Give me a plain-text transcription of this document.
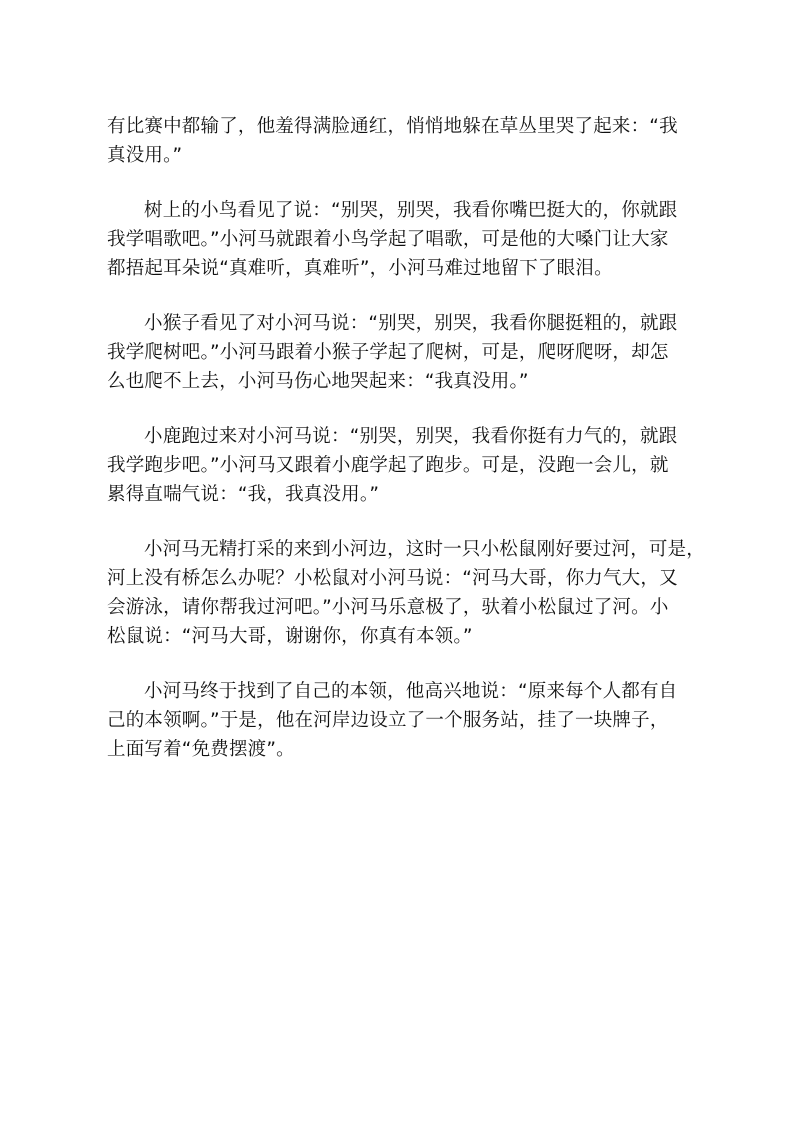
有比赛中都输了，他羞得满脸通红，悄悄地躲在草丛里哭了起来：“我
真没用。”

树上的小鸟看见了说：“别哭，别哭，我看你嘴巴挺大的，你就跟
我学唱歌吧。”小河马就跟着小鸟学起了唱歌，可是他的大嗓门让大家
都捂起耳朵说“真难听，真难听”，小河马难过地留下了眼泪。

小猴子看见了对小河马说：“别哭，别哭，我看你腿挺粗的，就跟
我学爬树吧。”小河马跟着小猴子学起了爬树，可是，爬呀爬呀，却怎
么也爬不上去，小河马伤心地哭起来：“我真没用。”

小鹿跑过来对小河马说：“别哭，别哭，我看你挺有力气的，就跟
我学跑步吧。”小河马又跟着小鹿学起了跑步。可是，没跑一会儿，就
累得直喘气说：“我，我真没用。”

小河马无精打采的来到小河边，这时一只小松鼠刚好要过河，可是，
河上没有桥怎么办呢？小松鼠对小河马说：“河马大哥，你力气大，又
会游泳，请你帮我过河吧。”小河马乐意极了，驮着小松鼠过了河。小
松鼠说：“河马大哥，谢谢你，你真有本领。”

小河马终于找到了自己的本领，他高兴地说：“原来每个人都有自
己的本领啊。”于是，他在河岸边设立了一个服务站，挂了一块牌子，
上面写着“免费摆渡”。
